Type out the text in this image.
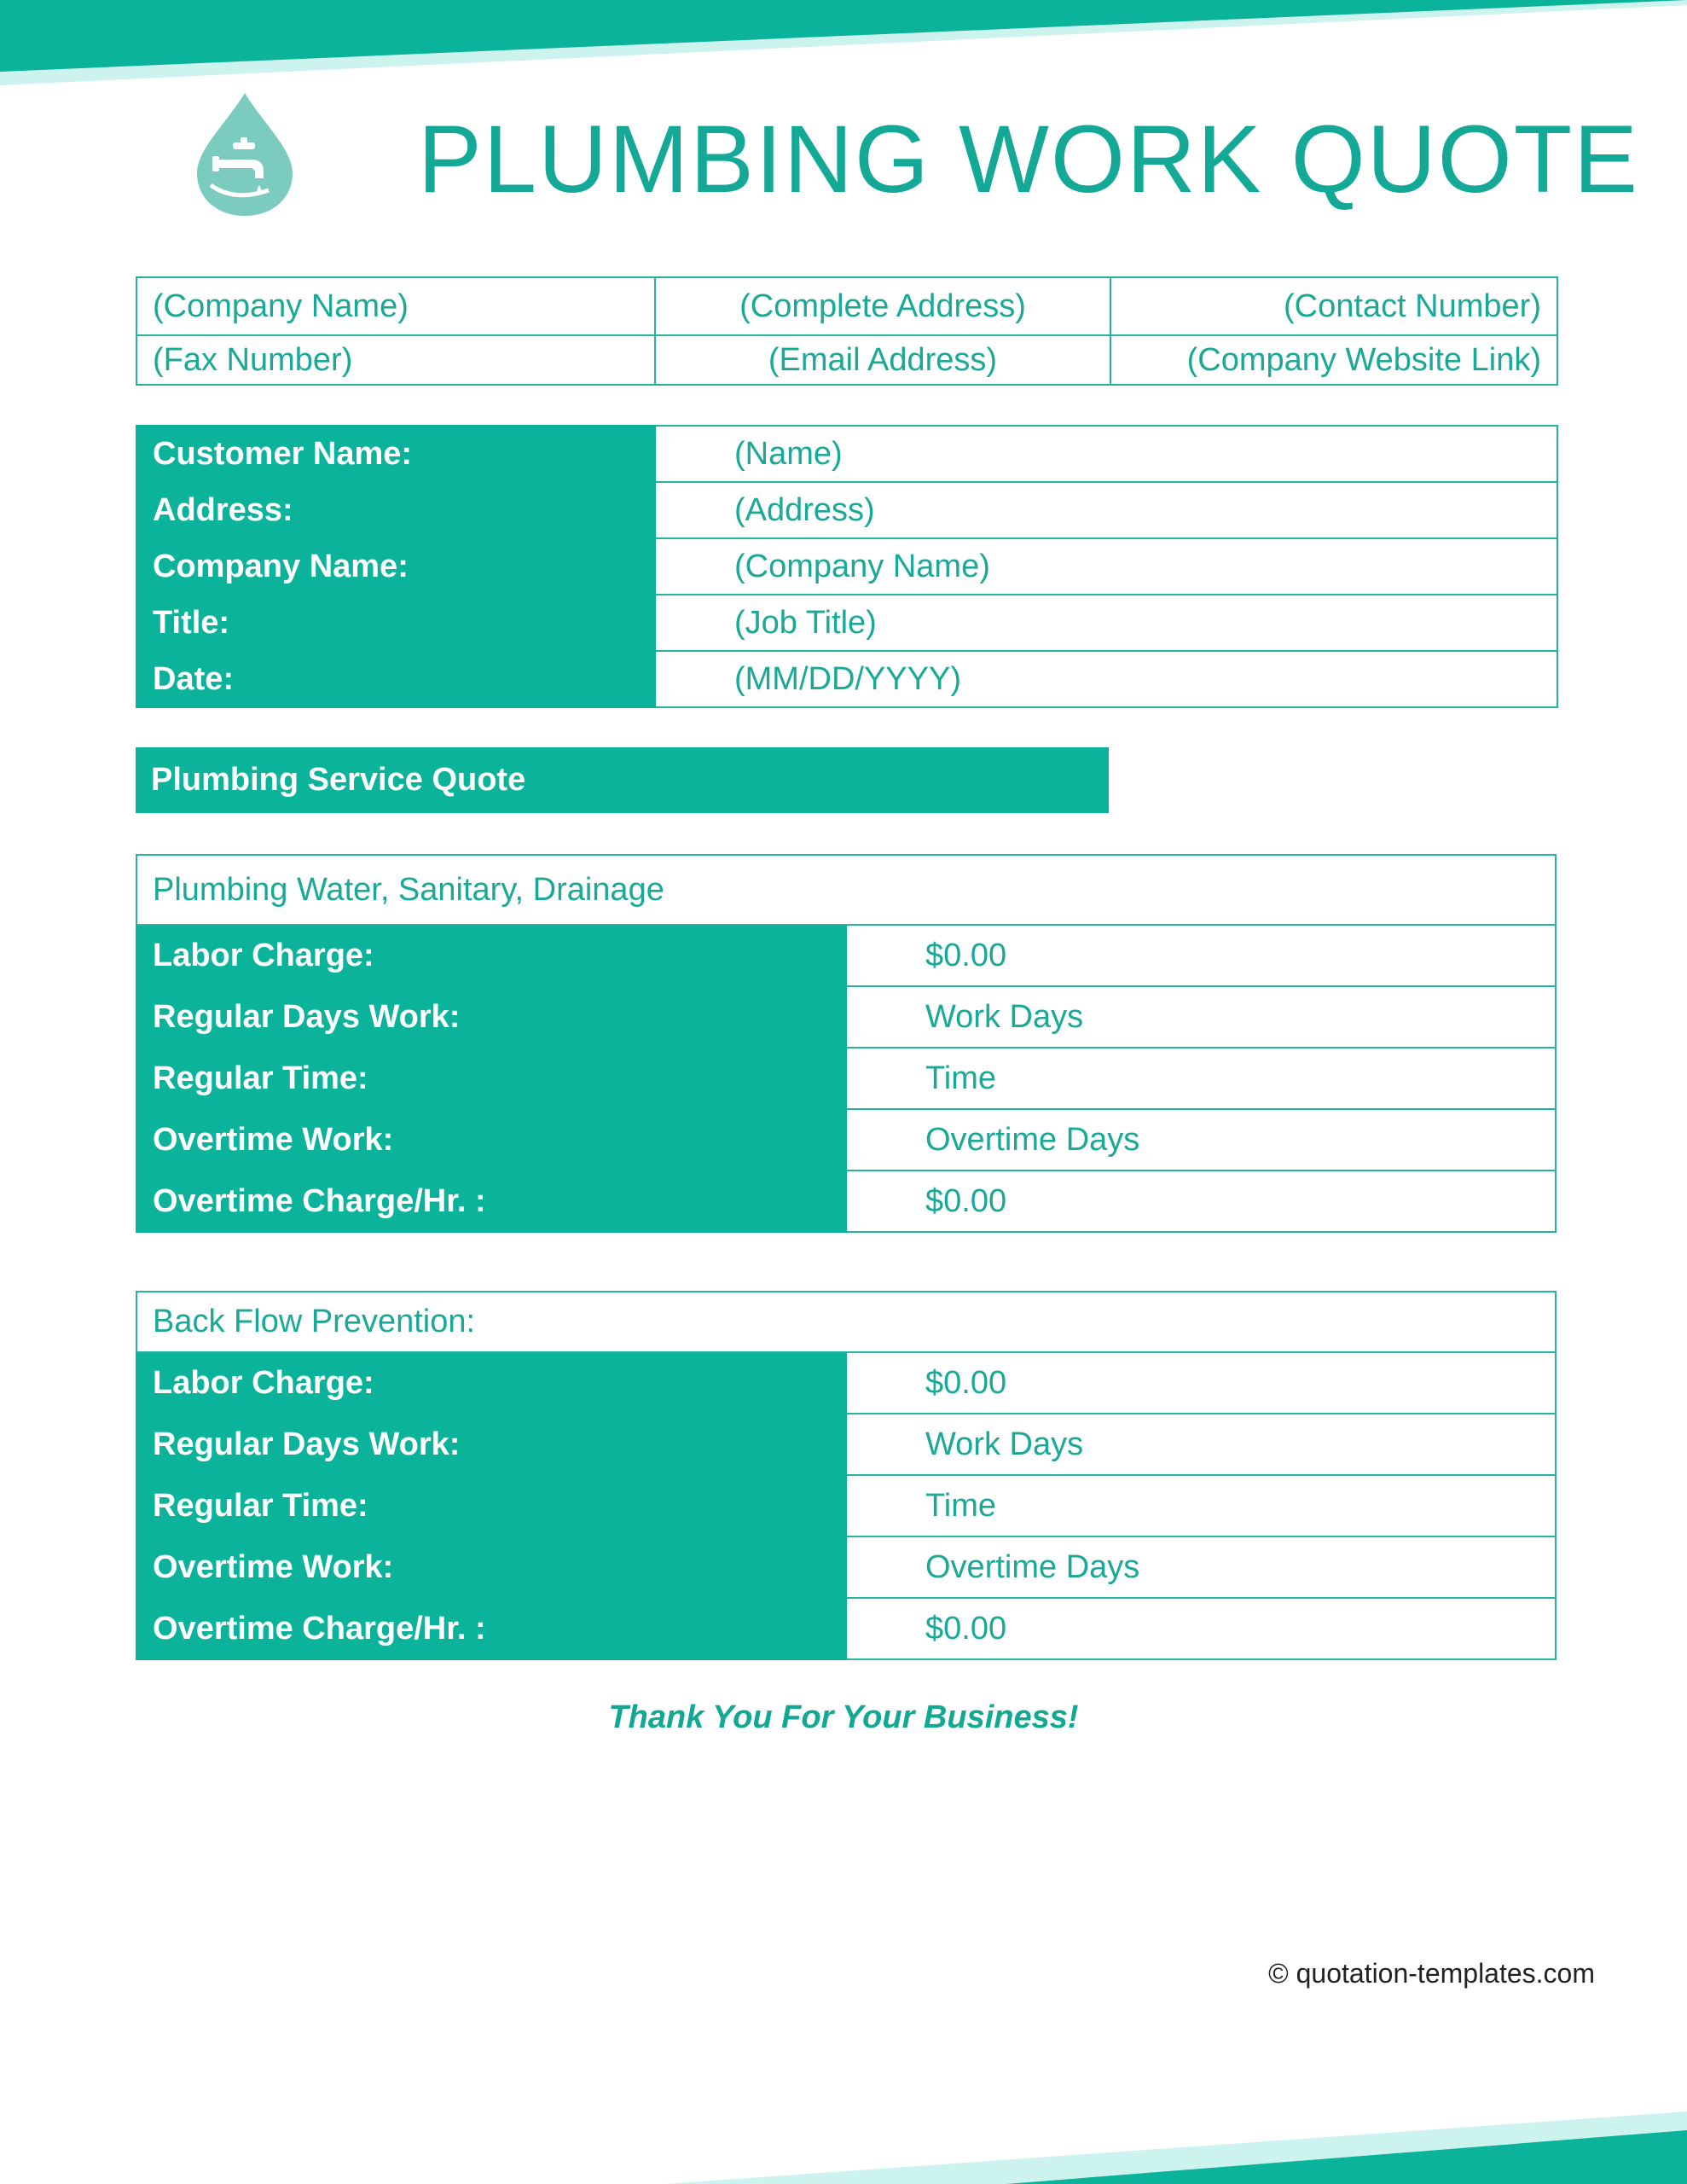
PLUMBING WORK QUOTE
(Company Name)	(Complete Address)	(Contact Number)
(Fax Number)	(Email Address)	(Company Website Link)
Customer Name:	(Name)
Address:	(Address)
Company Name:	(Company Name)
Title:	(Job Title)
Date:	(MM/DD/YYYY)
Plumbing Service Quote
Plumbing Water, Sanitary, Drainage	
Labor Charge:	$0.00
Regular Days Work:	Work Days
Regular Time:	Time
Overtime Work:	Overtime Days
Overtime Charge/Hr. :	$0.00
Back Flow Prevention:	
Labor Charge:	$0.00
Regular Days Work:	Work Days
Regular Time:	Time
Overtime Work:	Overtime Days
Overtime Charge/Hr. :	$0.00
Thank You For Your Business!
© quotation-templates.com
